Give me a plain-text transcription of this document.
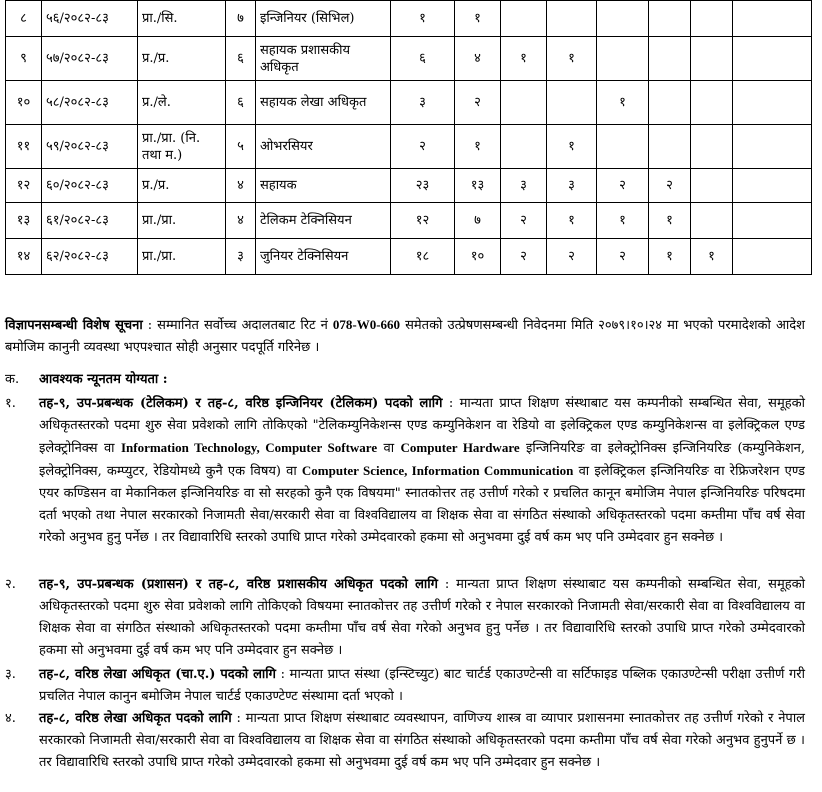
८	५६/२०८२-८३	प्रा./सि.	७	इन्जिनियर (सिभिल)	१	१						
९	५७/२०८२-८३	प्र./प्र.	६	सहायक प्रशासकीय अधिकृत	६	४	१	१				
१०	५८/२०८२-८३	प्र./ले.	६	सहायक लेखा अधिकृत	३	२			१			
११	५९/२०८२-८३	प्रा./प्रा. (नि. तथा म.)	५	ओभरसियर	२	१		१				
१२	६०/२०८२-८३	प्र./प्र.	४	सहायक	२३	१३	३	३	२	२		
१३	६१/२०८२-८३	प्रा./प्रा.	४	टेलिकम टेक्निसियन	१२	७	२	१	१	१		
१४	६२/२०८२-८३	प्रा./प्रा.	३	जुनियर टेक्निसियन	१८	१०	२	२	२	१	१	
विज्ञापनसम्बन्धी विशेष सूचना : सम्मानित सर्वोच्च अदालतबाट रिट नं 078-W0-660 समेतको उत्प्रेषणसम्बन्धी निवेदनमा मिति २०७९।१०।२४ मा भएको परमादेशको आदेश बमोजिम कानुनी व्यवस्था भएपश्चात सोही अनुसार पदपूर्ति गरिनेछ ।
क. आवश्यक न्यूनतम योग्यता :
१. तह-९, उप-प्रबन्धक (टेलिकम) र तह-८, वरिष्ठ इन्जिनियर (टेलिकम) पदको लागि : मान्यता प्राप्त शिक्षण संस्थाबाट यस कम्पनीको सम्बन्धित सेवा, समूहको अधिकृतस्तरको पदमा शुरु सेवा प्रवेशको लागि तोकिएको "टेलिकम्युनिकेशन्स एण्ड कम्युनिकेशन वा रेडियो वा इलेक्ट्रिकल एण्ड कम्युनिकेशन्स वा इलेक्ट्रिकल एण्ड इलेक्ट्रोनिक्स वा Information Technology, Computer Software वा Computer Hardware इन्जिनियरिङ वा इलेक्ट्रोनिक्स इन्जिनियरिङ (कम्युनिकेशन, इलेक्ट्रोनिक्स, कम्प्युटर, रेडियोमध्ये कुनै एक विषय) वा Computer Science, Information Communication वा इलेक्ट्रिकल इन्जिनियरिङ वा रेफ्रिजरेशन एण्ड एयर कण्डिसन वा मेकानिकल इन्जिनियरिङ वा सो सरहको कुनै एक विषयमा" स्नातकोत्तर तह उत्तीर्ण गरेको र प्रचलित कानून बमोजिम नेपाल इन्जिनियरिङ परिषदमा दर्ता भएको तथा नेपाल सरकारको निजामती सेवा/सरकारी सेवा वा विश्वविद्यालय वा शिक्षक सेवा वा संगठित संस्थाको अधिकृतस्तरको पदमा कम्तीमा पाँच वर्ष सेवा गरेको अनुभव हुनु पर्नेछ । तर विद्यावारिधि स्तरको उपाधि प्राप्त गरेको उम्मेदवारको हकमा सो अनुभवमा दुई वर्ष कम भए पनि उम्मेदवार हुन सक्नेछ ।
२. तह-९, उप-प्रबन्धक (प्रशासन) र तह-८, वरिष्ठ प्रशासकीय अधिकृत पदको लागि : मान्यता प्राप्त शिक्षण संस्थाबाट यस कम्पनीको सम्बन्धित सेवा, समूहको अधिकृतस्तरको पदमा शुरु सेवा प्रवेशको लागि तोकिएको विषयमा स्नातकोत्तर तह उत्तीर्ण गरेको र नेपाल सरकारको निजामती सेवा/सरकारी सेवा वा विश्वविद्यालय वा शिक्षक सेवा वा संगठित संस्थाको अधिकृतस्तरको पदमा कम्तीमा पाँच वर्ष सेवा गरेको अनुभव हुनु पर्नेछ । तर विद्यावारिधि स्तरको उपाधि प्राप्त गरेको उम्मेदवारको हकमा सो अनुभवमा दुई वर्ष कम भए पनि उम्मेदवार हुन सक्नेछ ।
३. तह-८, वरिष्ठ लेखा अधिकृत (चा.ए.) पदको लागि : मान्यता प्राप्त संस्था (इन्स्टिच्युट) बाट चार्टर्ड एकाउण्टेन्सी वा सर्टिफाइड पब्लिक एकाउण्टेन्सी परीक्षा उत्तीर्ण गरी प्रचलित नेपाल कानुन बमोजिम नेपाल चार्टर्ड एकाउण्टेण्ट संस्थामा दर्ता भएको ।
४. तह-८, वरिष्ठ लेखा अधिकृत पदको लागि : मान्यता प्राप्त शिक्षण संस्थाबाट व्यवस्थापन, वाणिज्य शास्त्र वा व्यापार प्रशासनमा स्नातकोत्तर तह उत्तीर्ण गरेको र नेपाल सरकारको निजामती सेवा/सरकारी सेवा वा विश्वविद्यालय वा शिक्षक सेवा वा संगठित संस्थाको अधिकृतस्तरको पदमा कम्तीमा पाँच वर्ष सेवा गरेको अनुभव हुनुपर्ने छ । तर विद्यावारिधि स्तरको उपाधि प्राप्त गरेको उम्मेदवारको हकमा सो अनुभवमा दुई वर्ष कम भए पनि उम्मेदवार हुन सक्नेछ ।
